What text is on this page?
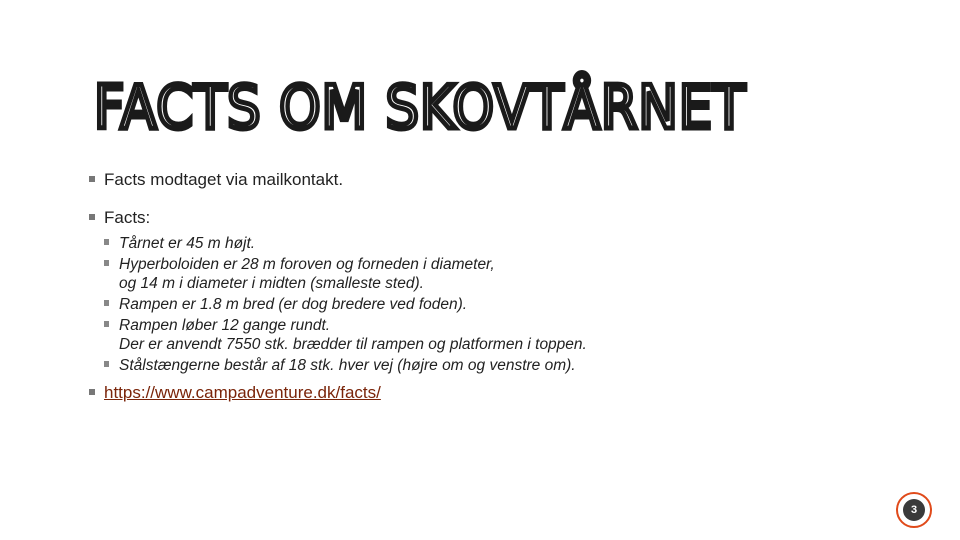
FACTS OM SKOVTÅRNET
Facts modtaget via mailkontakt.
Facts:
Tårnet er 45 m højt.
Hyperboloiden er 28 m foroven og forneden i diameter,
og 14 m i diameter i midten (smalleste sted).
Rampen er 1.8 m bred (er dog bredere ved foden).
Rampen løber 12 gange rundt.
Der er anvendt 7550 stk. brædder til rampen og platformen i toppen.
Stålstængerne består af 18 stk. hver vej (højre om og venstre om).
https://www.campadventure.dk/facts/
3
